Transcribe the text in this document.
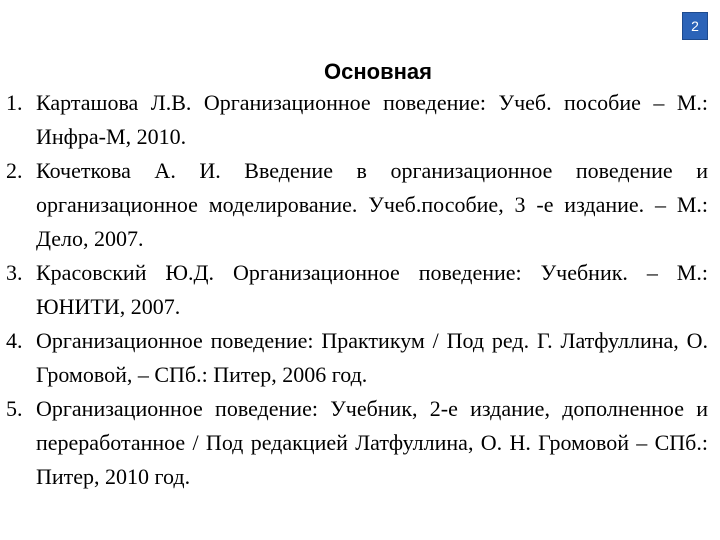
2
Основная
1. Карташова Л.В. Организационное поведение: Учеб. пособие – М.: Инфра-М, 2010.
2. Кочеткова А. И. Введение в организационное поведение и организационное моделирование. Учеб.пособие, 3 -е издание. – М.: Дело, 2007.
3. Красовский Ю.Д. Организационное поведение: Учебник. – М.: ЮНИТИ, 2007.
4. Организационное поведение: Практикум / Под ред. Г. Латфуллина, О. Громовой, – СПб.: Питер, 2006 год.
5. Организационное поведение: Учебник, 2-е издание, дополненное и переработанное / Под редакцией Латфуллина, О. Н. Громовой – СПб.: Питер, 2010 год.
